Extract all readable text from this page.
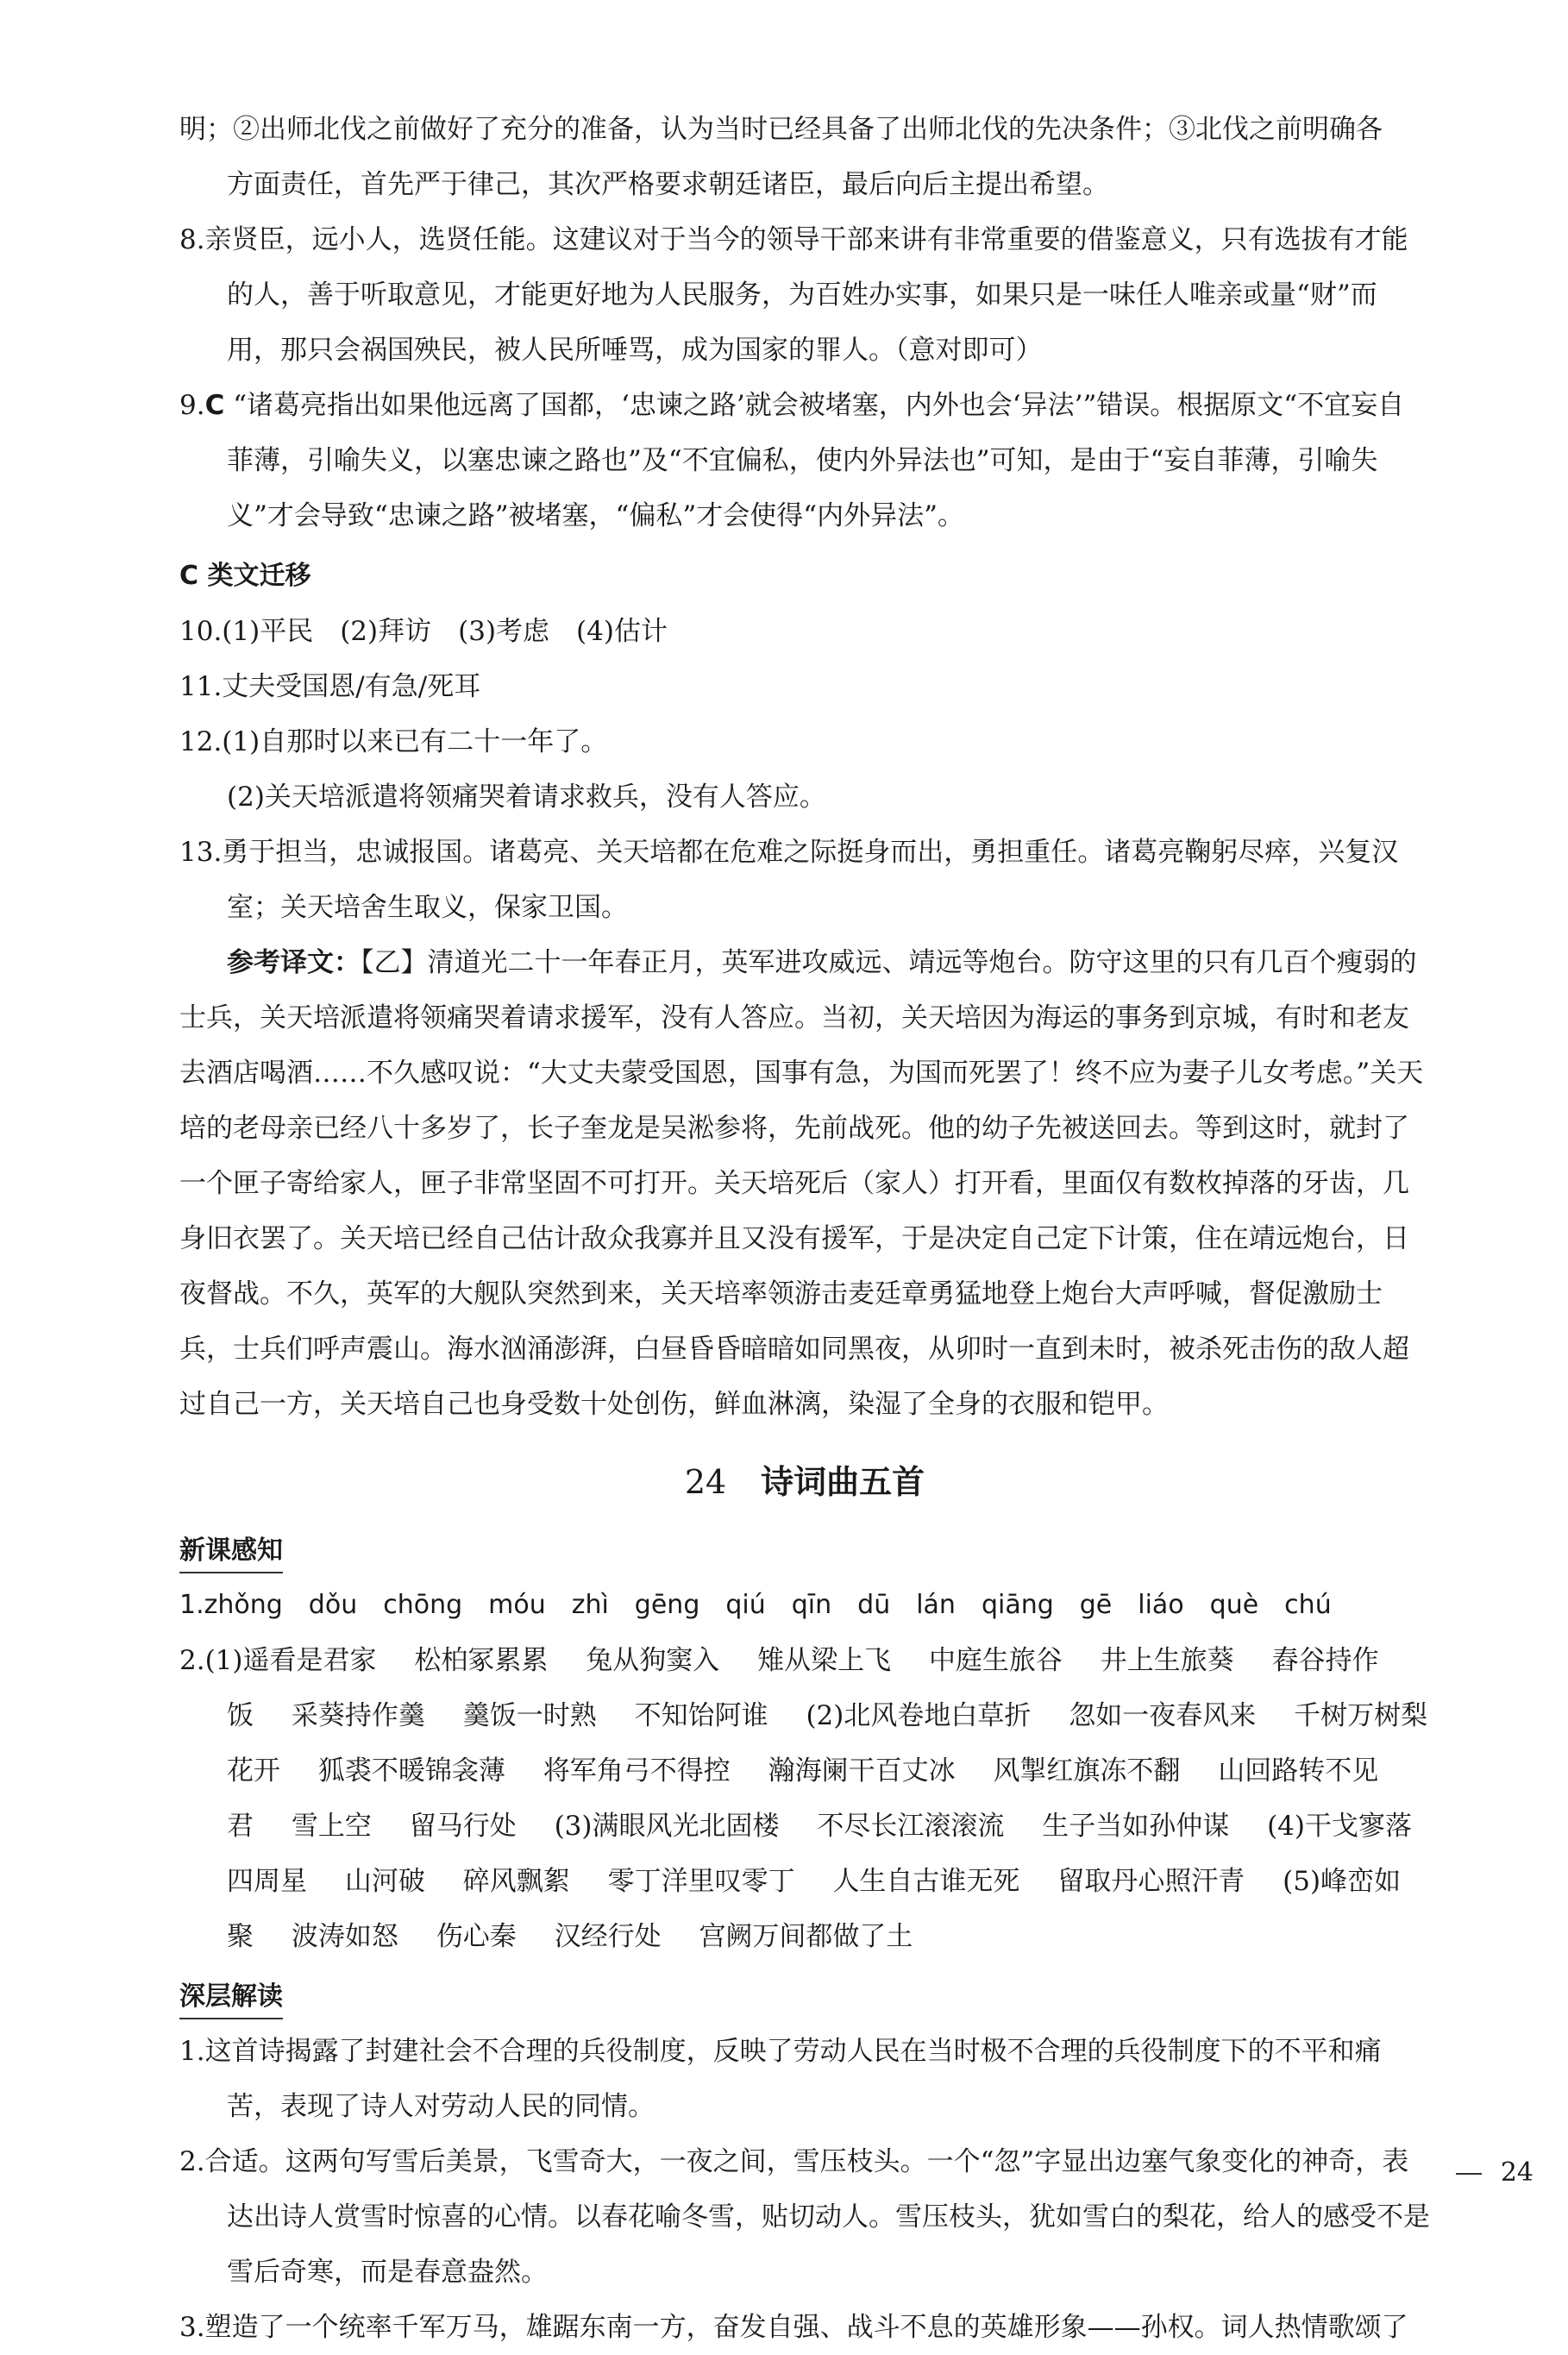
明；②出师北伐之前做好了充分的准备，认为当时已经具备了出师北伐的先决条件；③北伐之前明确各

方面责任，首先严于律己，其次严格要求朝廷诸臣，最后向后主提出希望。

8.亲贤臣，远小人，选贤任能。这建议对于当今的领导干部来讲有非常重要的借鉴意义，只有选拔有才能的人，善于听取意见，才能更好地为人民服务，为百姓办实事，如果只是一味任人唯亲或量“财”而用，那只会祸国殃民，被人民所唾骂，成为国家的罪人。（意对即可）

9.C “诸葛亮指出如果他远离了国都，‘忠谏之路’就会被堵塞，内外也会‘异法’”错误。根据原文“不宜妄自菲薄，引喻失义，以塞忠谏之路也”及“不宜偏私，使内外异法也”可知，是由于“妄自菲薄，引喻失义”才会导致“忠谏之路”被堵塞，“偏私”才会使得“内外异法”。

C 类文迁移

10.(1)平民　(2)拜访　(3)考虑　(4)估计

11.丈夫受国恩/有急/死耳

12.(1)自那时以来已有二十一年了。

(2)关天培派遣将领痛哭着请求救兵，没有人答应。

13.勇于担当，忠诚报国。诸葛亮、关天培都在危难之际挺身而出，勇担重任。诸葛亮鞠躬尽瘁，兴复汉室；关天培舍生取义，保家卫国。

参考译文：【乙】清道光二十一年春正月，英军进攻威远、靖远等炮台。防守这里的只有几百个瘦弱的士兵，关天培派遣将领痛哭着请求援军，没有人答应。当初，关天培因为海运的事务到京城，有时和老友去酒店喝酒……不久感叹说：“大丈夫蒙受国恩，国事有急，为国而死罢了！终不应为妻子儿女考虑。”关天培的老母亲已经八十多岁了，长子奎龙是吴淞参将，先前战死。他的幼子先被送回去。等到这时，就封了一个匣子寄给家人，匣子非常坚固不可打开。关天培死后（家人）打开看，里面仅有数枚掉落的牙齿，几身旧衣罢了。关天培已经自己估计敌众我寡并且又没有援军，于是决定自己定下计策，住在靖远炮台，日夜督战。不久，英军的大舰队突然到来，关天培率领游击麦廷章勇猛地登上炮台大声呼喊，督促激励士兵，士兵们呼声震山。海水汹涌澎湃，白昼昏昏暗暗如同黑夜，从卯时一直到未时，被杀死击伤的敌人超过自己一方，关天培自己也身受数十处创伤，鲜血淋漓，染湿了全身的衣服和铠甲。

24 诗词曲五首

新课感知

1.zhǒng　dǒu　chōng　móu　zhì　gēng　qiú　qīn　dū　lán　qiāng　gē　liáo　què　chú

2.(1)遥看是君家 松柏冢累累 兔从狗窦入 雉从梁上飞 中庭生旅谷 井上生旅葵 舂谷持作饭 采葵持作羹 羹饭一时熟 不知饴阿谁 (2)北风卷地白草折 忽如一夜春风来 千树万树梨花开 狐裘不暖锦衾薄 将军角弓不得控 瀚海阑干百丈冰 风掣红旗冻不翻 山回路转不见君 雪上空 留马行处 (3)满眼风光北固楼 不尽长江滚滚流 生子当如孙仲谋 (4)干戈寥落四周星 山河破 碎风飘絮 零丁洋里叹零丁 人生自古谁无死 留取丹心照汗青 (5)峰峦如聚 波涛如怒 伤心秦 汉经行处 宫阙万间都做了土

深层解读

1.这首诗揭露了封建社会不合理的兵役制度，反映了劳动人民在当时极不合理的兵役制度下的不平和痛苦，表现了诗人对劳动人民的同情。

2.合适。这两句写雪后美景，飞雪奇大，一夜之间，雪压枝头。一个“忽”字显出边塞气象变化的神奇，表达出诗人赏雪时惊喜的心情。以春花喻冬雪，贴切动人。雪压枝头，犹如雪白的梨花，给人的感受不是雪后奇寒，而是春意盎然。

3.塑造了一个统率千军万马，雄踞东南一方，奋发自强、战斗不息的英雄形象——孙权。词人热情歌颂了

24
